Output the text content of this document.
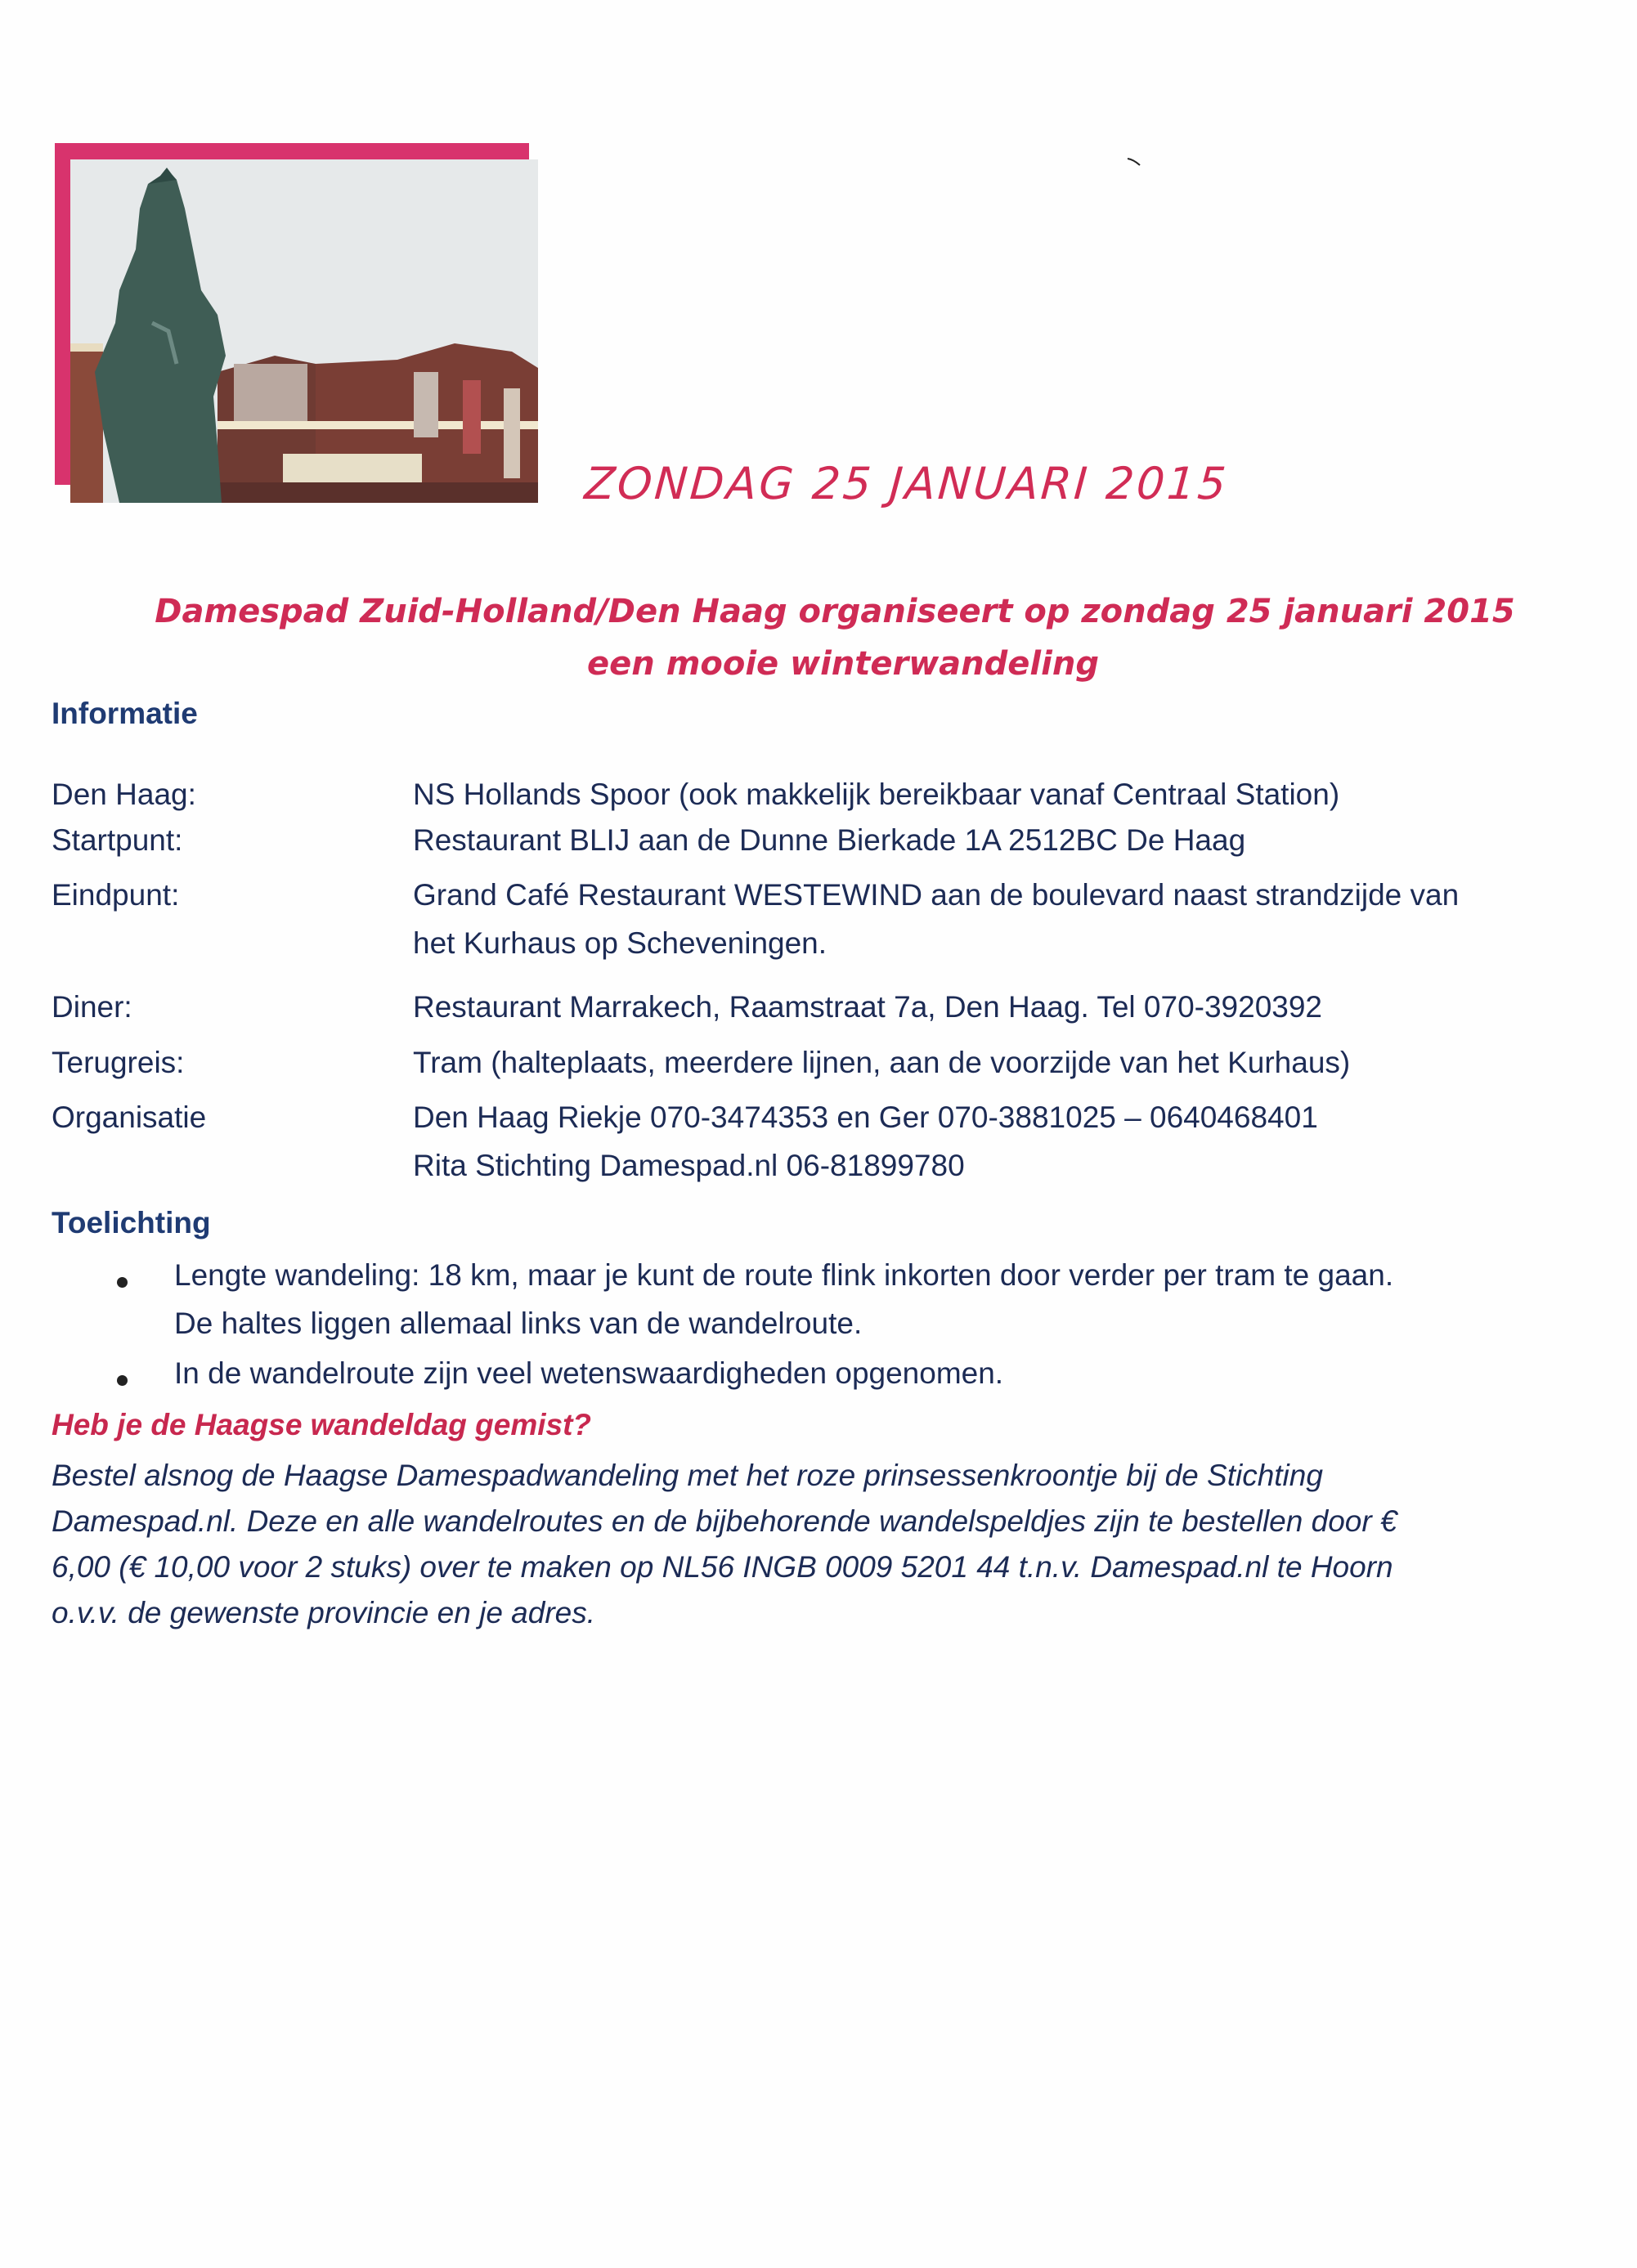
ZONDAG 25 JANUARI 2015
Damespad Zuid-Holland/Den Haag organiseert op zondag 25 januari 2015
een mooie winterwandeling
Informatie
Den Haag:	NS Hollands Spoor (ook makkelijk bereikbaar vanaf Centraal Station)
Startpunt:	Restaurant BLIJ aan de Dunne Bierkade 1A 2512BC De Haag
Eindpunt:	Grand Café Restaurant WESTEWIND aan de boulevard naast strandzijde van
het Kurhaus op Scheveningen.
Diner:	Restaurant Marrakech, Raamstraat 7a, Den Haag. Tel 070-3920392
Terugreis:	Tram (halteplaats, meerdere lijnen, aan de voorzijde van het Kurhaus)
Organisatie	Den Haag Riekje 070-3474353 en Ger 070-3881025 – 0640468401
Rita Stichting Damespad.nl 06-81899780
Toelichting
Lengte wandeling: 18 km, maar je kunt de route flink inkorten door verder per tram te gaan.
De haltes liggen allemaal links van de wandelroute.
In de wandelroute zijn veel wetenswaardigheden opgenomen.
Heb je de Haagse wandeldag gemist?
Bestel alsnog de Haagse Damespadwandeling met het roze prinsessenkroontje bij de Stichting
Damespad.nl. Deze en alle wandelroutes en de bijbehorende wandelspeldjes zijn te bestellen door €
6,00 (€ 10,00 voor 2 stuks) over te maken op NL56 INGB 0009 5201 44 t.n.v. Damespad.nl te Hoorn
o.v.v. de gewenste provincie en je adres.
